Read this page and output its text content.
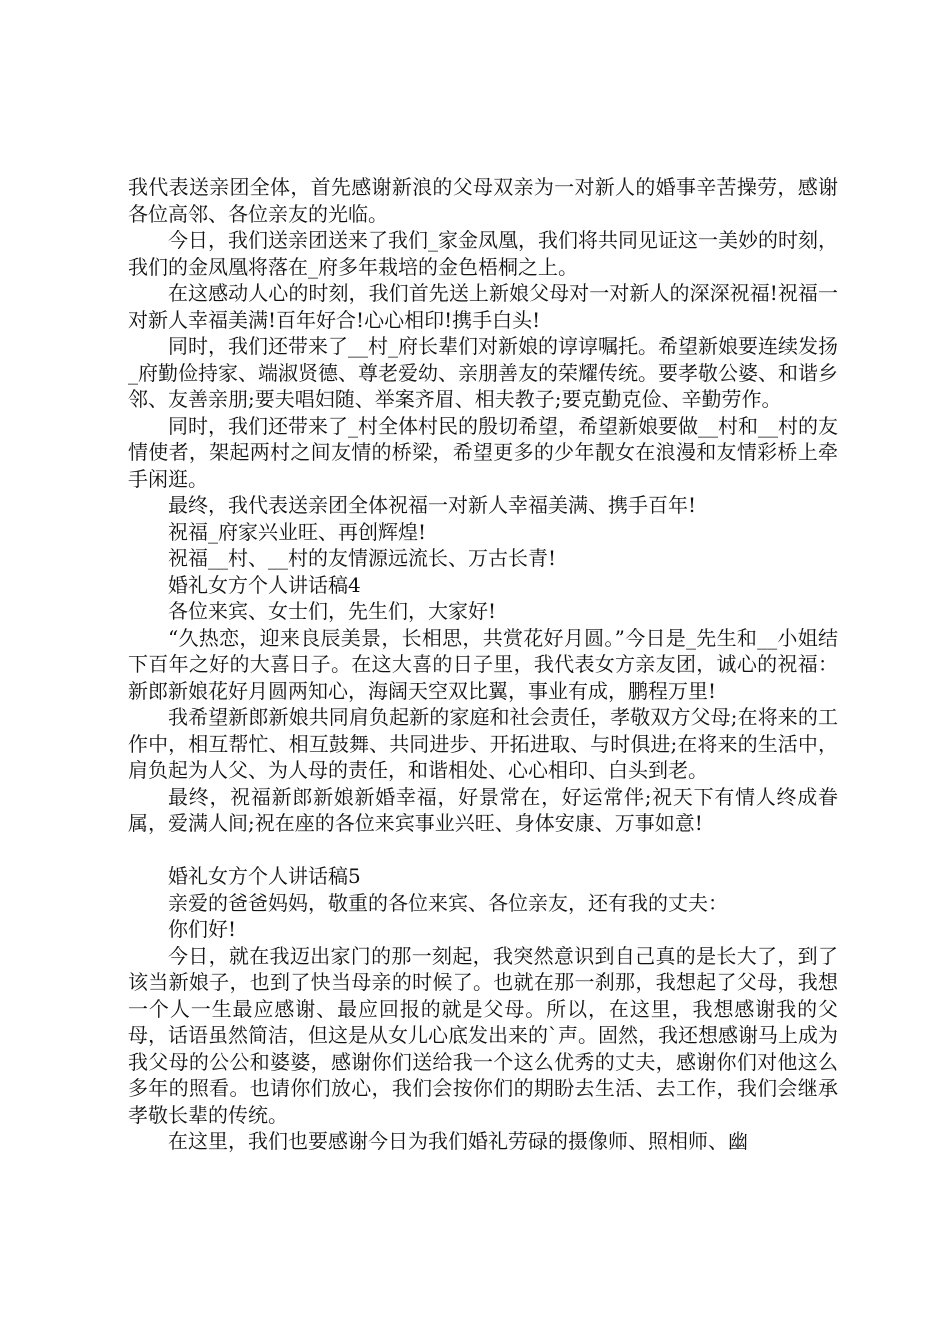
我代表送亲团全体，首先感谢新浪的父母双亲为一对新人的婚事辛苦操劳，感谢各位高邻、各位亲友的光临。

今日，我们送亲团送来了我们_家金凤凰，我们将共同见证这一美妙的时刻，我们的金凤凰将落在_府多年栽培的金色梧桐之上。

在这感动人心的时刻，我们首先送上新娘父母对一对新人的深深祝福!祝福一对新人幸福美满!百年好合!心心相印!携手白头!

同时，我们还带来了__村_府长辈们对新娘的谆谆嘱托。希望新娘要连续发扬_府勤俭持家、端淑贤德、尊老爱幼、亲朋善友的荣耀传统。要孝敬公婆、和谐乡邻、友善亲朋;要夫唱妇随、举案齐眉、相夫教子;要克勤克俭、辛勤劳作。

同时，我们还带来了_村全体村民的殷切希望，希望新娘要做__村和__村的友情使者，架起两村之间友情的桥梁，希望更多的少年靓女在浪漫和友情彩桥上牵手闲逛。

最终，我代表送亲团全体祝福一对新人幸福美满、携手百年!

祝福_府家兴业旺、再创辉煌!

祝福__村、__村的友情源远流长、万古长青!

婚礼女方个人讲话稿4

各位来宾、女士们，先生们，大家好!

“久热恋，迎来良辰美景，长相思，共赏花好月圆。”今日是_先生和__小姐结下百年之好的大喜日子。在这大喜的日子里，我代表女方亲友团，诚心的祝福：新郎新娘花好月圆两知心，海阔天空双比翼，事业有成，鹏程万里!

我希望新郎新娘共同肩负起新的家庭和社会责任，孝敬双方父母;在将来的工作中，相互帮忙、相互鼓舞、共同进步、开拓进取、与时俱进;在将来的生活中，肩负起为人父、为人母的责任，和谐相处、心心相印、白头到老。

最终，祝福新郎新娘新婚幸福，好景常在，好运常伴;祝天下有情人终成眷属，爱满人间;祝在座的各位来宾事业兴旺、身体安康、万事如意!

婚礼女方个人讲话稿5

亲爱的爸爸妈妈，敬重的各位来宾、各位亲友，还有我的丈夫：

你们好!

今日，就在我迈出家门的那一刻起，我突然意识到自己真的是长大了，到了该当新娘子，也到了快当母亲的时候了。也就在那一刹那，我想起了父母，我想一个人一生最应感谢、最应回报的就是父母。所以，在这里，我想感谢我的父母，话语虽然简洁，但这是从女儿心底发出来的`声。固然，我还想感谢马上成为我父母的公公和婆婆，感谢你们送给我一个这么优秀的丈夫，感谢你们对他这么多年的照看。也请你们放心，我们会按你们的期盼去生活、去工作，我们会继承孝敬长辈的传统。

在这里，我们也要感谢今日为我们婚礼劳碌的摄像师、照相师、幽
